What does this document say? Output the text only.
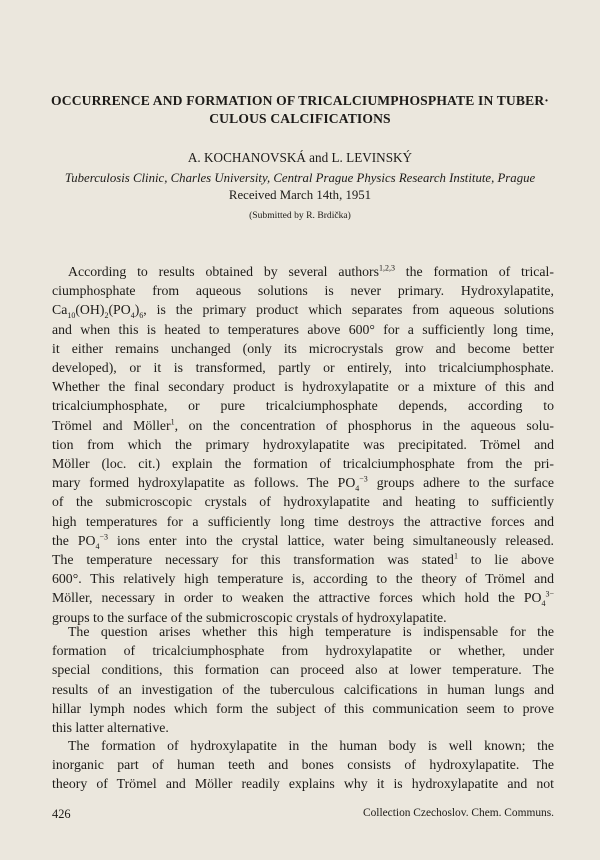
OCCURRENCE AND FORMATION OF TRICALCIUMPHOSPHATE IN TUBER·
CULOUS CALCIFICATIONS
A. KOCHANOVSKÁ and L. LEVINSKÝ
Tuberculosis Clinic, Charles University, Central Prague Physics Research Institute, Prague
Received March 14th, 1951
(Submitted by R. Brdička)
According to results obtained by several authors$^{1,2,3}$ the formation of trical-
ciumphosphate from aqueous solutions is never primary. Hydroxylapatite,
$Ca_{10}(OH)_2(PO_4)_6$, is the primary product which separates from aqueous solutions
and when this is heated to temperatures above 600° for a sufficiently long time,
it either remains unchanged (only its microcrystals grow and become better
developed), or it is transformed, partly or entirely, into tricalciumphosphate.
Whether the final secondary product is hydroxylapatite or a mixture of this and
tricalciumphosphate, or pure tricalciumphosphate depends, according to
Trömel and Möller$^1$, on the concentration of phosphorus in the aqueous solu-
tion from which the primary hydroxylapatite was precipitated. Trömel and
Möller (loc. cit.) explain the formation of tricalciumphosphate from the pri-
mary formed hydroxylapatite as follows. The $PO_4^{-3}$ groups adhere to the surface
of the submicroscopic crystals of hydroxylapatite and heating to sufficiently
high temperatures for a sufficiently long time destroys the attractive forces and
the $PO_4^{-3}$ ions enter into the crystal lattice, water being simultaneously released.
The temperature necessary for this transformation was stated$^1$ to lie above
600°. This relatively high temperature is, according to the theory of Trömel and
Möller, necessary in order to weaken the attractive forces which hold the $PO_4^{3-}$
groups to the surface of the submicroscopic crystals of hydroxylapatite.
The question arises whether this high temperature is indispensable for the
formation of tricalciumphosphate from hydroxylapatite or whether, under
special conditions, this formation can proceed also at lower temperature. The
results of an investigation of the tuberculous calcifications in human lungs and
hillar lymph nodes which form the subject of this communication seem to prove
this latter alternative.
The formation of hydroxylapatite in the human body is well known; the
inorganic part of human teeth and bones consists of hydroxylapatite. The
theory of Trömel and Möller readily explains why it is hydroxylapatite and not
426	Collection Czechoslov. Chem. Communs.
